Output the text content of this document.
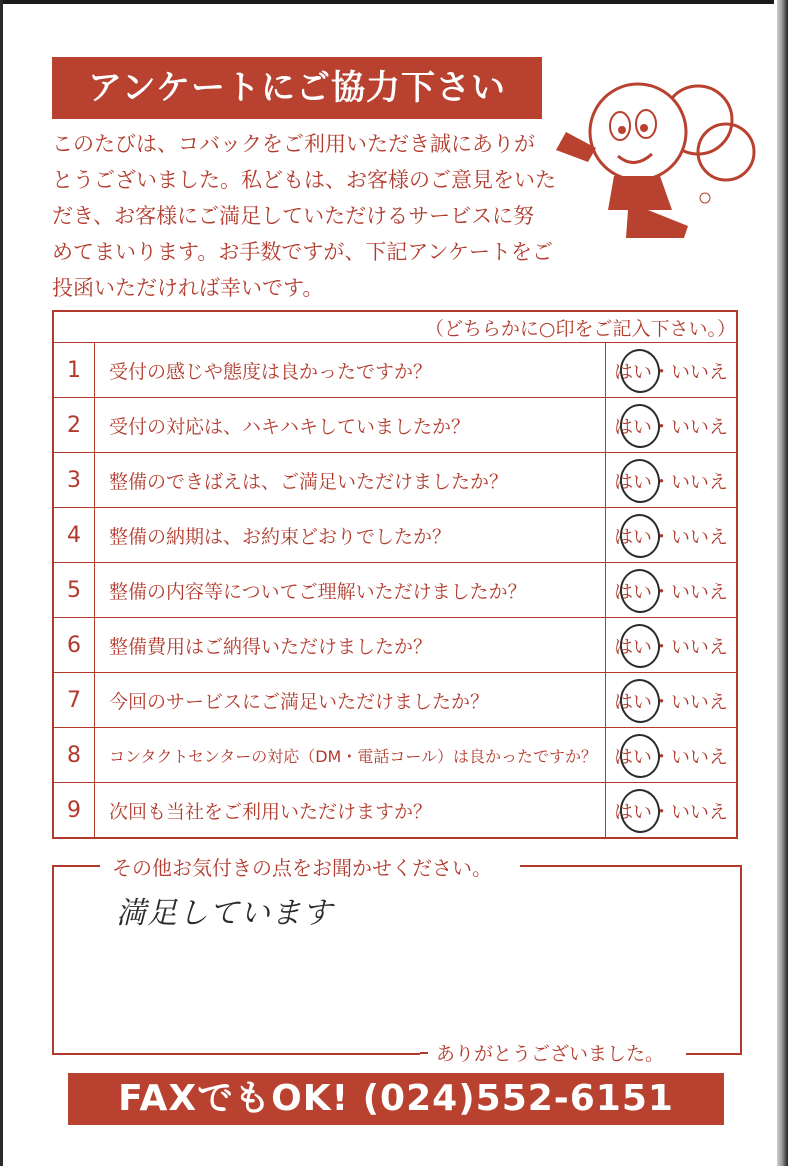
アンケートにご協力下さい
このたびは、コバックをご利用いただき誠にありが
とうございました。私どもは、お客様のご意見をいた
だき、お客様にご満足していただけるサービスに努
めてまいります。お手数ですが、下記アンケートをご
投函いただければ幸いです。
（どちらかに○印をご記入下さい。）		
1	受付の感じや態度は良かったですか？	はい・いいえ
2	受付の対応は、ハキハキしていましたか？	はい・いいえ
3	整備のできばえは、ご満足いただけましたか？	はい・いいえ
4	整備の納期は、お約束どおりでしたか？	はい・いいえ
5	整備の内容等についてご理解いただけましたか？	はい・いいえ
6	整備費用はご納得いただけましたか？	はい・いいえ
7	今回のサービスにご満足いただけましたか？	はい・いいえ
8	コンタクトセンターの対応（DM・電話コール）は良かったですか？	はい・いいえ
9	次回も当社をご利用いただけますか？	はい・いいえ
その他お気付きの点をお聞かせください。
満足しています
ありがとうございました。
FAXでもOK! (024)552-6151
